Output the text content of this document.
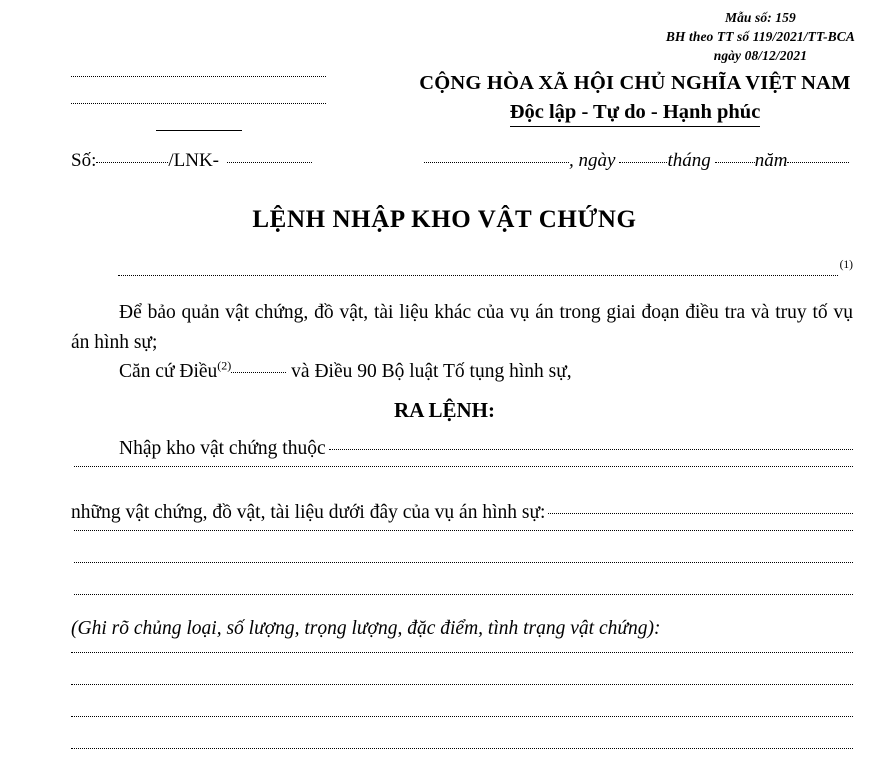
Mẫu số: 159
BH theo TT số 119/2021/TT-BCA
ngày 08/12/2021
Số:	/LNK-
CỘNG HÒA XÃ HỘI CHỦ NGHĨA VIỆT NAM
Độc lập - Tự do - Hạnh phúc
, ngày	tháng năm
LỆNH NHẬP KHO VẬT CHỨNG
(1)

Để bảo quản vật chứng, đồ vật, tài liệu khác của vụ án trong giai đoạn điều tra và truy tố vụ án hình sự;

Căn cứ Điều$^{(2)}$	và Điều 90 Bộ luật Tố tụng hình sự,

RA LỆNH:
Nhập kho vật chứng thuộc
những vật chứng, đồ vật, tài liệu dưới đây của vụ án hình sự:
(Ghi rõ chủng loại, số lượng, trọng lượng, đặc điểm, tình trạng vật chứng):
